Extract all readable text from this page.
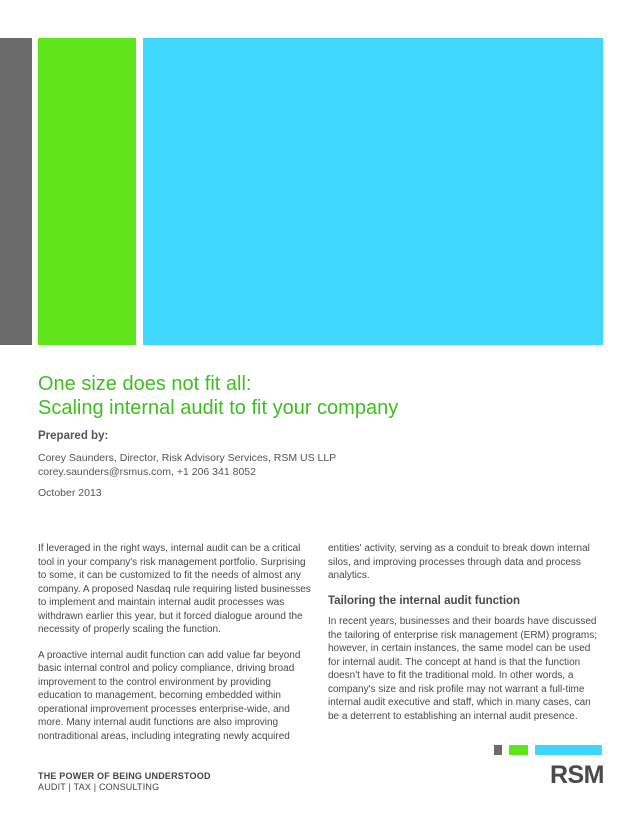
One size does not fit all:
Scaling internal audit to fit your company
Prepared by:
Corey Saunders, Director, Risk Advisory Services, RSM US LLP
corey.saunders@rsmus.com, +1 206 341 8052
October 2013

If leveraged in the right ways, internal audit can be a critical tool in your company's risk management portfolio. Surprising to some, it can be customized to fit the needs of almost any company. A proposed Nasdaq rule requiring listed businesses to implement and maintain internal audit processes was withdrawn earlier this year, but it forced dialogue around the necessity of properly scaling the function.

A proactive internal audit function can add value far beyond basic internal control and policy compliance, driving broad improvement to the control environment by providing education to management, becoming embedded within operational improvement processes enterprise-wide, and more. Many internal audit functions are also improving nontraditional areas, including integrating newly acquired

entities' activity, serving as a conduit to break down internal silos, and improving processes through data and process analytics.

Tailoring the internal audit function

In recent years, businesses and their boards have discussed the tailoring of enterprise risk management (ERM) programs; however, in certain instances, the same model can be used for internal audit. The concept at hand is that the function doesn't have to fit the traditional mold. In other words, a company's size and risk profile may not warrant a full-time internal audit executive and staff, which in many cases, can be a deterrent to establishing an internal audit presence.

THE POWER OF BEING UNDERSTOOD
AUDIT | TAX | CONSULTING	RSM
